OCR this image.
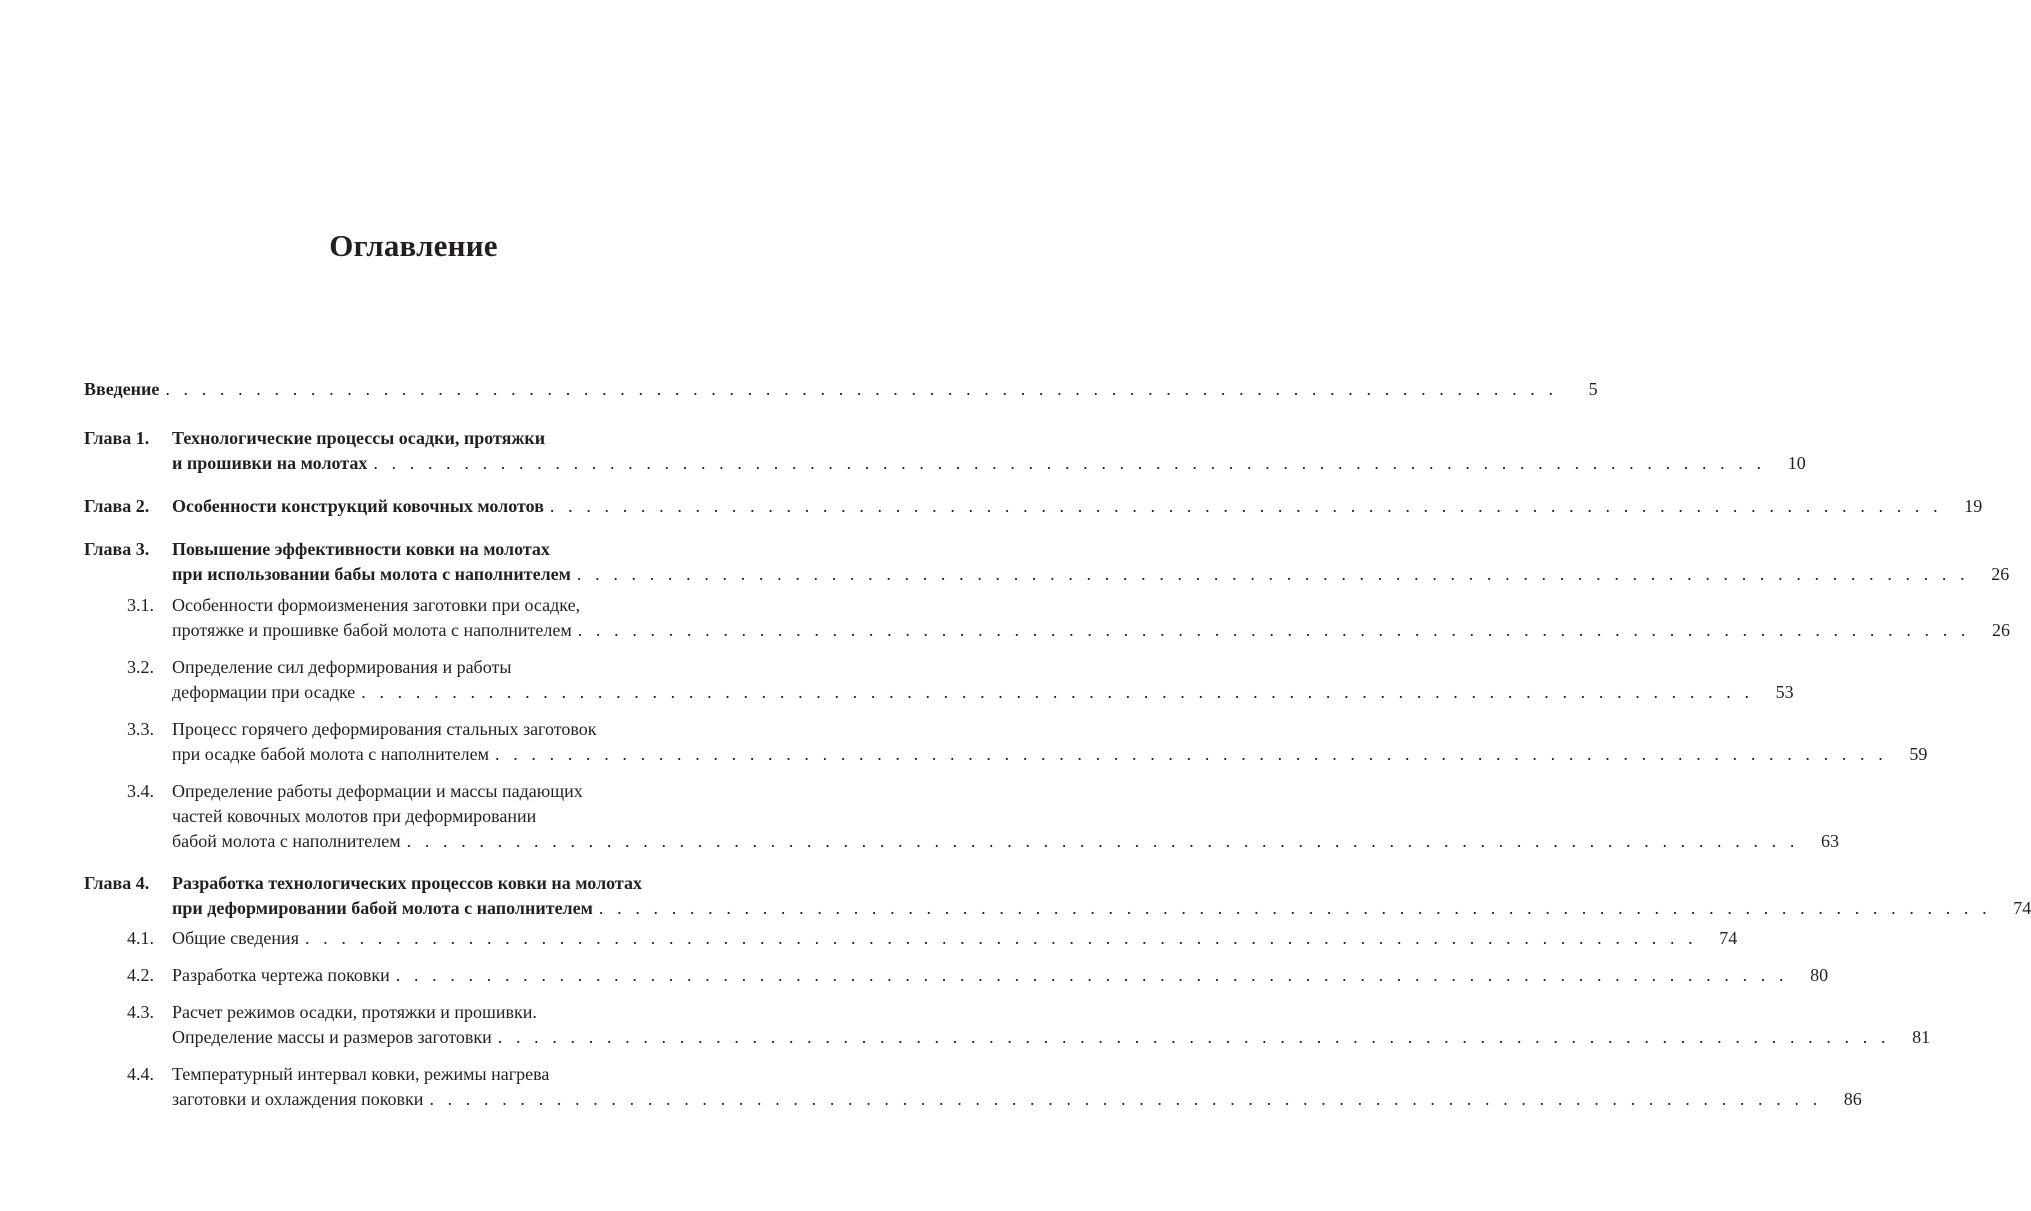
Оглавление
Введение . . . . . . . . . . . . . . . . . . . . . . . . . . . . . . . . . . . . . . . . . . . . . . . . . . . . . . . . . . . . . . . . . . . . . . . . . . . . .	5
Глава 1.	Технологические процессы осадки, протяжки
и прошивки на молотах . . . . . . . . . . . . . . . . . . . . . . . . . . . . . . . . . . . . . . . . . . . . . . . . . . . . . . . . . . . . . . . . . . . . . . . . . . . . .	10
Глава 2.	Особенности конструкций ковочных молотов . . . . . . . . . . . . . . . . . . . . . . . . . . . . . . . . . . . . . . . . . . . . . . . . . . . . . . . . . . . . . . . . . . . . . . . . . . . . .	19
Глава 3.	Повышение эффективности ковки на молотах
при использовании бабы молота с наполнителем . . . . . . . . . . . . . . . . . . . . . . . . . . . . . . . . . . . . . . . . . . . . . . . . . . . . . . . . . . . . . . . . . . . . . . . . . . . . .	26
3.1. Особенности формоизменения заготовки при осадке,
протяжке и прошивке бабой молота с наполнителем . . . . . . . . . . . . . . . . . . . . . . . . . . . . . . . . . . . . . . . . . . . . . . . . . . . . . . . . . . . . . . . . . . . . . . . . . . . . .	26
3.2. Определение сил деформирования и работы
деформации при осадке . . . . . . . . . . . . . . . . . . . . . . . . . . . . . . . . . . . . . . . . . . . . . . . . . . . . . . . . . . . . . . . . . . . . . . . . . . . . .	53
3.3. Процесс горячего деформирования стальных заготовок
при осадке бабой молота с наполнителем . . . . . . . . . . . . . . . . . . . . . . . . . . . . . . . . . . . . . . . . . . . . . . . . . . . . . . . . . . . . . . . . . . . . . . . . . . . . .	59
3.4. Определение работы деформации и массы падающих
частей ковочных молотов при деформировании
бабой молота с наполнителем . . . . . . . . . . . . . . . . . . . . . . . . . . . . . . . . . . . . . . . . . . . . . . . . . . . . . . . . . . . . . . . . . . . . . . . . . . . . .	63
Глава 4.	Разработка технологических процессов ковки на молотах
при деформировании бабой молота с наполнителем . . . . . . . . . . . . . . . . . . . . . . . . . . . . . . . . . . . . . . . . . . . . . . . . . . . . . . . . . . . . . . . . . . . . . . . . . . . . .	74
4.1. Общие сведения . . . . . . . . . . . . . . . . . . . . . . . . . . . . . . . . . . . . . . . . . . . . . . . . . . . . . . . . . . . . . . . . . . . . . . . . . . . . .	74
4.2. Разработка чертежа поковки . . . . . . . . . . . . . . . . . . . . . . . . . . . . . . . . . . . . . . . . . . . . . . . . . . . . . . . . . . . . . . . . . . . . . . . . . . . . .	80
4.3. Расчет режимов осадки, протяжки и прошивки.
Определение массы и размеров заготовки . . . . . . . . . . . . . . . . . . . . . . . . . . . . . . . . . . . . . . . . . . . . . . . . . . . . . . . . . . . . . . . . . . . . . . . . . . . . .	81
4.4. Температурный интервал ковки, режимы нагрева
заготовки и охлаждения поковки . . . . . . . . . . . . . . . . . . . . . . . . . . . . . . . . . . . . . . . . . . . . . . . . . . . . . . . . . . . . . . . . . . . . . . . . . . . . .	86
